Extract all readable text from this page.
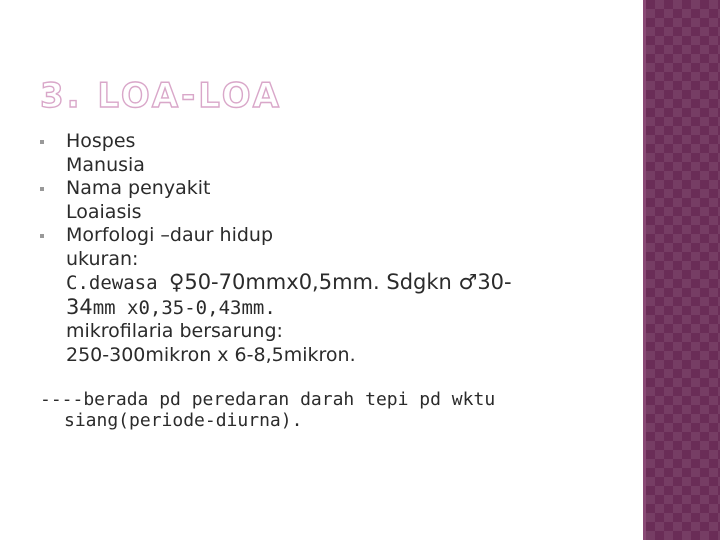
3. LOA-LOA
Hospes
Manusia
Nama penyakit
Loaiasis
Morfologi –daur hidup
ukuran:
C.dewasa ♀50-70mmx0,5mm. Sdgkn ♂30-
34mm x0,35-0,43mm.
mikrofilaria bersarung:
250-300mikron x 6-8,5mikron.
----berada pd peredaran darah tepi pd wktu
siang(periode-diurna).
